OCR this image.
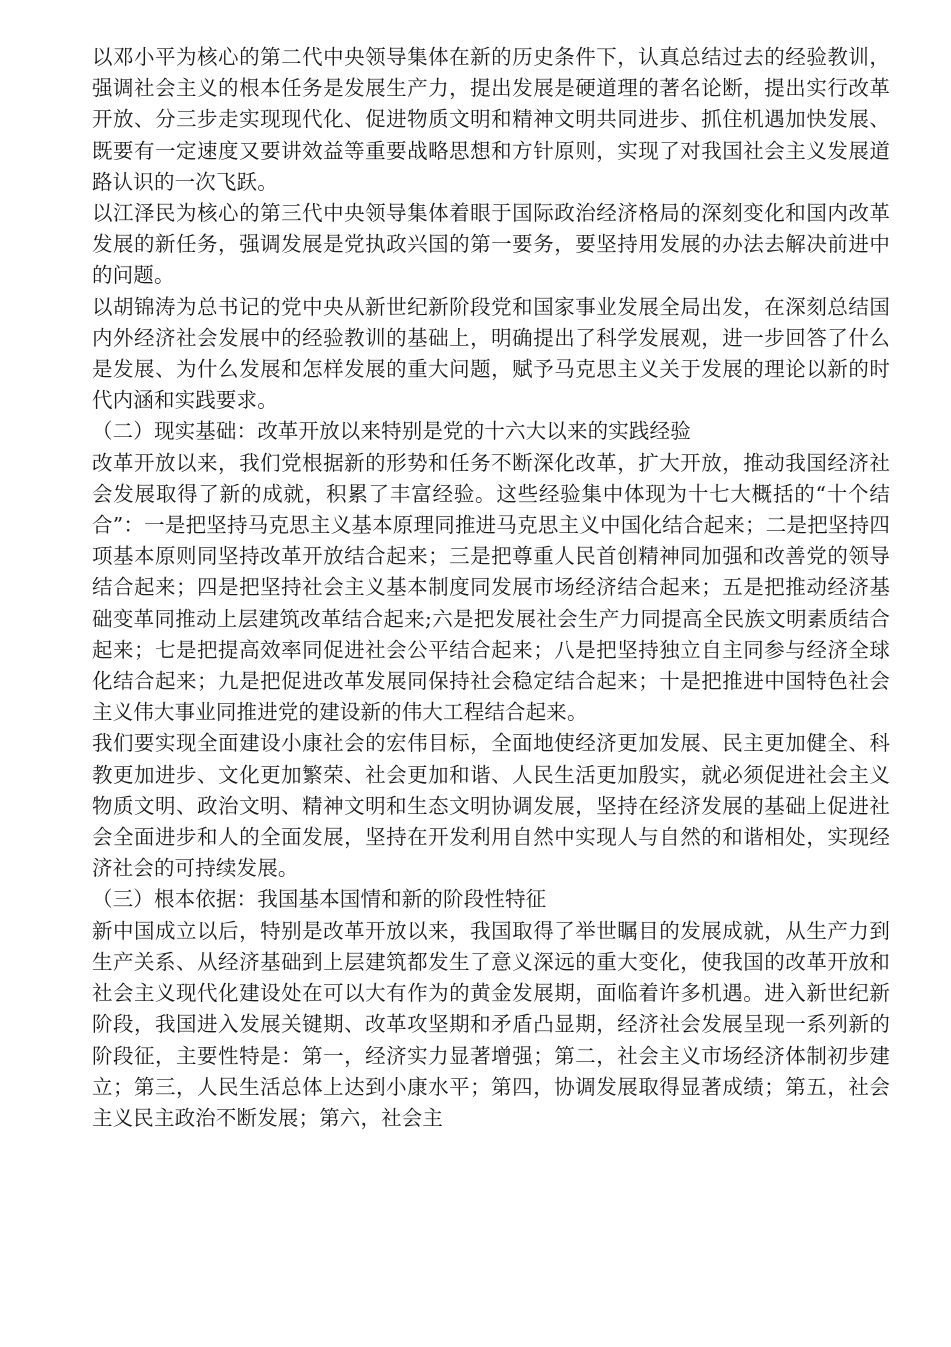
以邓小平为核心的第二代中央领导集体在新的历史条件下，认真总结过去的经验教训，强调社会主义的根本任务是发展生产力，提出发展是硬道理的著名论断，提出实行改革开放、分三步走实现现代化、促进物质文明和精神文明共同进步、抓住机遇加快发展、既要有一定速度又要讲效益等重要战略思想和方针原则，实现了对我国社会主义发展道路认识的一次飞跃。

以江泽民为核心的第三代中央领导集体着眼于国际政治经济格局的深刻变化和国内改革发展的新任务，强调发展是党执政兴国的第一要务，要坚持用发展的办法去解决前进中的问题。

以胡锦涛为总书记的党中央从新世纪新阶段党和国家事业发展全局出发，在深刻总结国内外经济社会发展中的经验教训的基础上，明确提出了科学发展观，进一步回答了什么是发展、为什么发展和怎样发展的重大问题，赋予马克思主义关于发展的理论以新的时代内涵和实践要求。

（二）现实基础：改革开放以来特别是党的十六大以来的实践经验

改革开放以来，我们党根据新的形势和任务不断深化改革，扩大开放，推动我国经济社会发展取得了新的成就，积累了丰富经验。这些经验集中体现为十七大概括的“十个结合”：一是把坚持马克思主义基本原理同推进马克思主义中国化结合起来；二是把坚持四项基本原则同坚持改革开放结合起来；三是把尊重人民首创精神同加强和改善党的领导结合起来；四是把坚持社会主义基本制度同发展市场经济结合起来；五是把推动经济基础变革同推动上层建筑改革结合起来;六是把发展社会生产力同提高全民族文明素质结合起来；七是把提高效率同促进社会公平结合起来；八是把坚持独立自主同参与经济全球化结合起来；九是把促进改革发展同保持社会稳定结合起来；十是把推进中国特色社会主义伟大事业同推进党的建设新的伟大工程结合起来。

我们要实现全面建设小康社会的宏伟目标，全面地使经济更加发展、民主更加健全、科教更加进步、文化更加繁荣、社会更加和谐、人民生活更加殷实，就必须促进社会主义物质文明、政治文明、精神文明和生态文明协调发展，坚持在经济发展的基础上促进社会全面进步和人的全面发展，坚持在开发利用自然中实现人与自然的和谐相处，实现经济社会的可持续发展。

（三）根本依据：我国基本国情和新的阶段性特征

新中国成立以后，特别是改革开放以来，我国取得了举世瞩目的发展成就，从生产力到生产关系、从经济基础到上层建筑都发生了意义深远的重大变化，使我国的改革开放和社会主义现代化建设处在可以大有作为的黄金发展期，面临着许多机遇。进入新世纪新阶段，我国进入发展关键期、改革攻坚期和矛盾凸显期，经济社会发展呈现一系列新的阶段征，主要性特是：第一，经济实力显著增强；第二，社会主义市场经济体制初步建立；第三，人民生活总体上达到小康水平；第四，协调发展取得显著成绩；第五，社会主义民主政治不断发展；第六，社会主
